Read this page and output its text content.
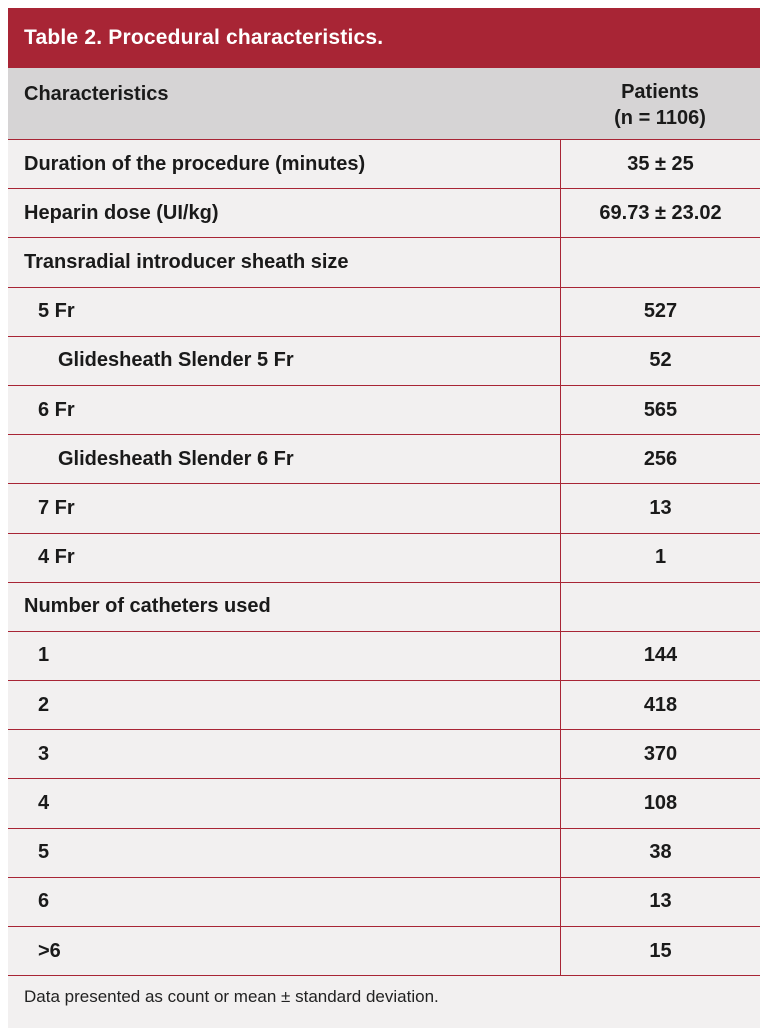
Table 2. Procedural characteristics.
Characteristics	Patients
(n = 1106)
Duration of the procedure (minutes)	35 ± 25
Heparin dose (UI/kg)	69.73 ± 23.02
Transradial introducer sheath size
5 Fr	527
Glidesheath Slender 5 Fr	52
6 Fr	565
Glidesheath Slender 6 Fr	256
7 Fr	13
4 Fr	1
Number of catheters used
1	144
2	418
3	370
4	108
5	38
6	13
>6	15
Data presented as count or mean ± standard deviation.
